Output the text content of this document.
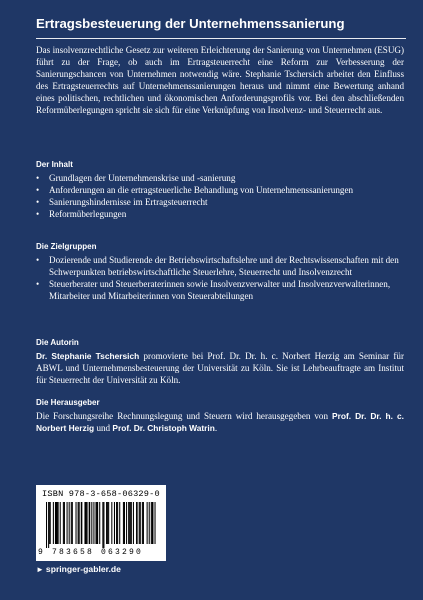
Ertragsbesteuerung der Unternehmenssanierung

Das insolvenzrechtliche Gesetz zur weiteren Erleichterung der Sanierung von Unternehmen (ESUG) führt zu der Frage, ob auch im Ertragsteuerrecht eine Reform zur Verbesserung der Sanierungschancen von Unternehmen notwendig wäre. Stephanie Tschersich arbeitet den Einfluss des Ertragsteuerrechts auf Unternehmenssanierungen heraus und nimmt eine Bewertung anhand eines politischen, rechtlichen und ökonomischen Anforderungsprofils vor. Bei den abschließenden Reformüberlegungen spricht sie sich für eine Verknüpfung von Insolvenz- und Steuerrecht aus.

Der Inhalt
• Grundlagen der Unternehmenskrise und -sanierung
• Anforderungen an die ertragsteuerliche Behandlung von Unternehmenssanierungen
• Sanierungshindernisse im Ertragsteuerrecht
• Reformüberlegungen
Die Zielgruppen
• Dozierende und Studierende der Betriebswirtschaftslehre und der Rechtswissenschaften mit den Schwerpunkten betriebswirtschaftliche Steuerlehre, Steuerrecht und Insolvenzrecht
• Steuerberater und Steuerberaterinnen sowie Insolvenzverwalter und Insolvenzverwalterinnen, Mitarbeiter und Mitarbeiterinnen von Steuerabteilungen
Die Autorin

Dr. Stephanie Tschersich promovierte bei Prof. Dr. Dr. h. c. Norbert Herzig am Seminar für ABWL und Unternehmensbesteuerung der Universität zu Köln. Sie ist Lehrbeauftragte am Institut für Steuerrecht der Universität zu Köln.

Die Herausgeber

Die Forschungsreihe Rechnungslegung und Steuern wird herausgegeben von Prof. Dr. Dr. h. c. Norbert Herzig und Prof. Dr. Christoph Watrin.

ISBN 978-3-658-06329-0
9 783658 063290

► springer-gabler.de
